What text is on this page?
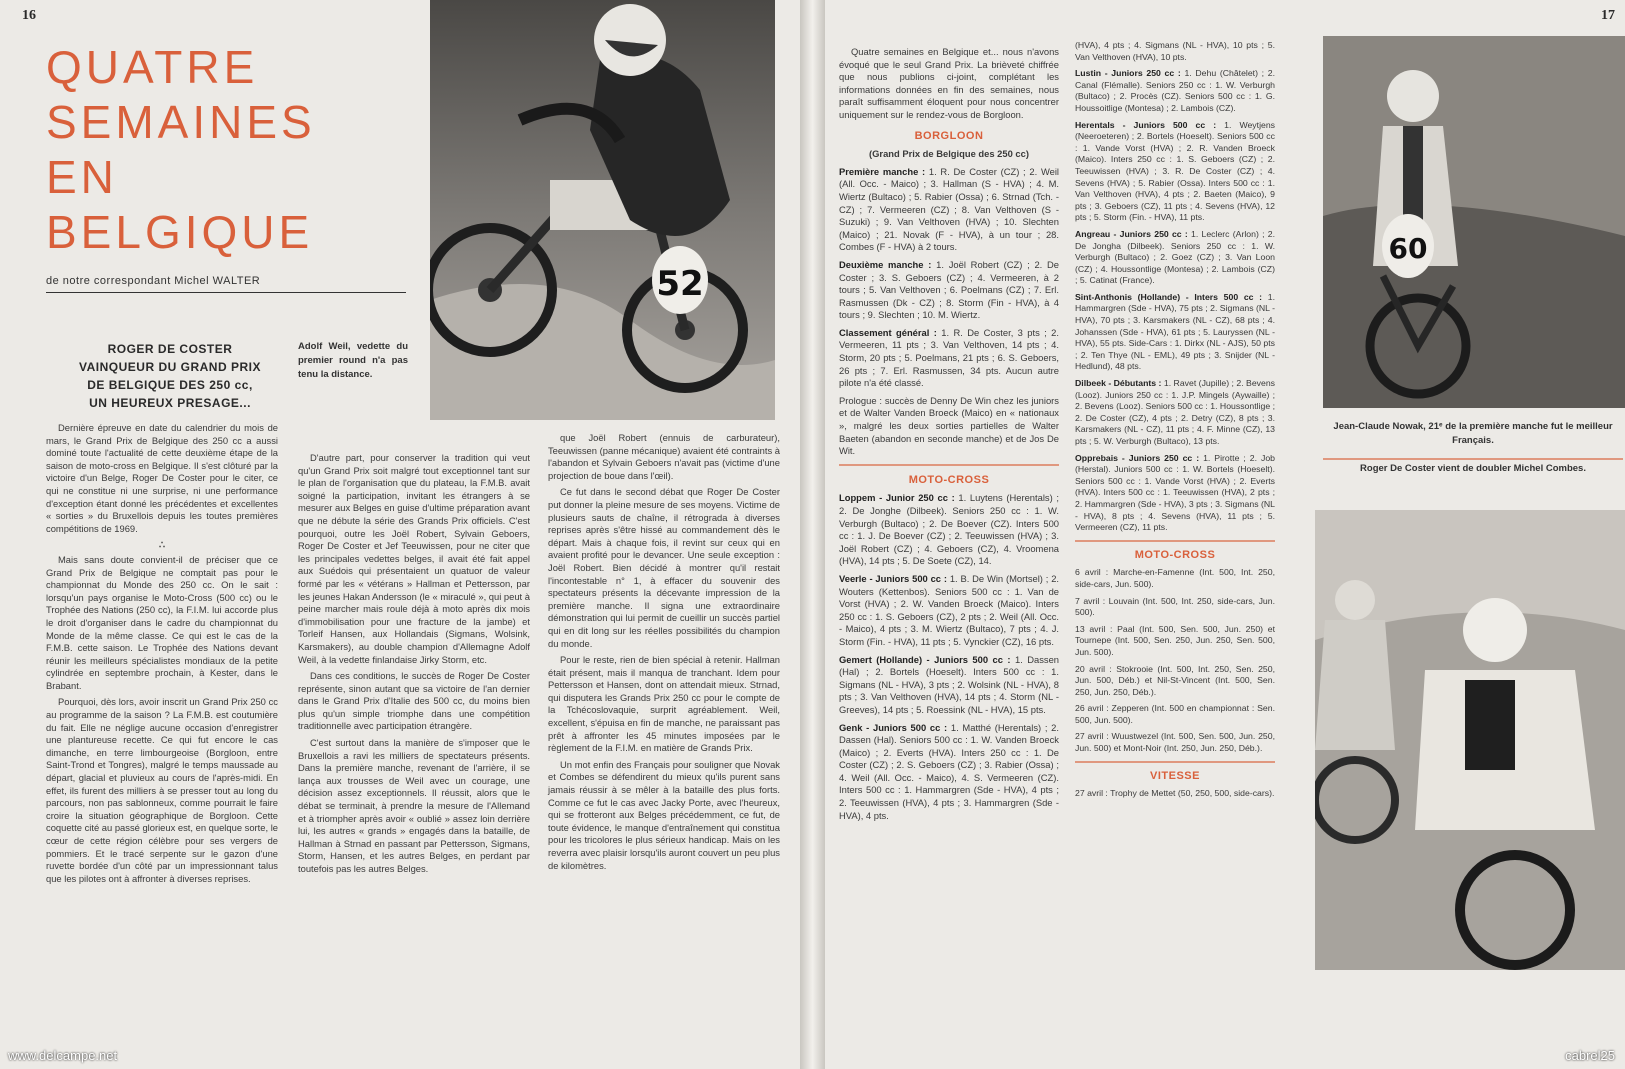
16
QUATRE
SEMAINES
EN
BELGIQUE
de notre correspondant Michel WALTER	52
ROGER DE COSTER
VAINQUEUR DU GRAND PRIX
DE BELGIQUE DES 250 cc,
UN HEUREUX PRESAGE...
Adolf Weil, vedette du premier round n'a pas tenu la distance.

Dernière épreuve en date du calendrier du mois de mars, le Grand Prix de Belgique des 250 cc a aussi dominé toute l'actualité de cette deuxième étape de la saison de moto-cross en Belgique. Il s'est clôturé par la victoire d'un Belge, Roger De Coster pour le citer, ce qui ne constitue ni une surprise, ni une performance d'exception étant donné les précédentes et excellentes « sorties » du Bruxellois depuis les toutes premières compétitions de 1969.

∴

Mais sans doute convient-il de préciser que ce Grand Prix de Belgique ne comptait pas pour le championnat du Monde des 250 cc. On le sait : lorsqu'un pays organise le Moto-Cross (500 cc) ou le Trophée des Nations (250 cc), la F.I.M. lui accorde plus le droit d'organiser dans le cadre du championnat du Monde de la même classe. Ce qui est le cas de la F.M.B. cette saison. Le Trophée des Nations devant réunir les meilleurs spécialistes mondiaux de la petite cylindrée en septembre prochain, à Kester, dans le Brabant.

Pourquoi, dès lors, avoir inscrit un Grand Prix 250 cc au programme de la saison ? La F.M.B. est coutumière du fait. Elle ne néglige aucune occasion d'enregistrer une plantureuse recette. Ce qui fut encore le cas dimanche, en terre limbourgeoise (Borgloon, entre Saint-Trond et Tongres), malgré le temps maussade au départ, glacial et pluvieux au cours de l'après-midi. En effet, ils furent des milliers à se presser tout au long du parcours, non pas sablonneux, comme pourrait le faire croire la situation géographique de Borgloon. Cette coquette cité au passé glorieux est, en quelque sorte, le cœur de cette région célèbre pour ses vergers de pommiers. Et le tracé serpente sur le gazon d'une ruvette bordée d'un côté par un impressionnant talus que les pilotes ont à affronter à diverses reprises.

D'autre part, pour conserver la tradition qui veut qu'un Grand Prix soit malgré tout exceptionnel tant sur le plan de l'organisation que du plateau, la F.M.B. avait soigné la participation, invitant les étrangers à se mesurer aux Belges en guise d'ultime préparation avant que ne débute la série des Grands Prix officiels. C'est pourquoi, outre les Joël Robert, Sylvain Geboers, Roger De Coster et Jef Teeuwissen, pour ne citer que les principales vedettes belges, il avait été fait appel aux Suédois qui présentaient un quatuor de valeur formé par les « vétérans » Hallman et Pettersson, par les jeunes Hakan Andersson (le « miraculé », qui peut à peine marcher mais roule déjà à moto après dix mois d'immobilisation pour une fracture de la jambe) et Torleif Hansen, aux Hollandais (Sigmans, Wolsink, Karsmakers), au double champion d'Allemagne Adolf Weil, à la vedette finlandaise Jirky Storm, etc.

Dans ces conditions, le succès de Roger De Coster représente, sinon autant que sa victoire de l'an dernier dans le Grand Prix d'Italie des 500 cc, du moins bien plus qu'un simple triomphe dans une compétition traditionnelle avec participation étrangère.

C'est surtout dans la manière de s'imposer que le Bruxellois a ravi les milliers de spectateurs présents. Dans la première manche, revenant de l'arrière, il se lança aux trousses de Weil avec un courage, une décision assez exceptionnels. Il réussit, alors que le débat se terminait, à prendre la mesure de l'Allemand et à triompher après avoir « oublié » assez loin derrière lui, les autres « grands » engagés dans la bataille, de Hallman à Strnad en passant par Pettersson, Sigmans, Storm, Hansen, et les autres Belges, en perdant par toutefois pas les autres Belges.

que Joël Robert (ennuis de carburateur), Teeuwissen (panne mécanique) avaient été contraints à l'abandon et Sylvain Geboers n'avait pas (victime d'une projection de boue dans l'œil).

Ce fut dans le second débat que Roger De Coster put donner la pleine mesure de ses moyens. Victime de plusieurs sauts de chaîne, il rétrograda à diverses reprises après s'être hissé au commandement dès le départ. Mais à chaque fois, il revint sur ceux qui en avaient profité pour le devancer. Une seule exception : Joël Robert. Bien décidé à montrer qu'il restait l'incontestable n° 1, à effacer du souvenir des spectateurs présents la décevante impression de la première manche. Il signa une extraordinaire démonstration qui lui permit de cueillir un succès partiel qui en dit long sur les réelles possibilités du champion du monde.

Pour le reste, rien de bien spécial à retenir. Hallman était présent, mais il manqua de tranchant. Idem pour Pettersson et Hansen, dont on attendait mieux. Strnad, qui disputera les Grands Prix 250 cc pour le compte de la Tchécoslovaquie, surprit agréablement. Weil, excellent, s'épuisa en fin de manche, ne paraissant pas prêt à affronter les 45 minutes imposées par le règlement de la F.I.M. en matière de Grands Prix.

Un mot enfin des Français pour souligner que Novak et Combes se défendirent du mieux qu'ils purent sans jamais réussir à se mêler à la bataille des plus forts. Comme ce fut le cas avec Jacky Porte, avec l'heureux, qui se frotteront aux Belges précédemment, ce fut, de toute évidence, le manque d'entraînement qui constitua pour les tricolores le plus sérieux handicap. Mais on les reverra avec plaisir lorsqu'ils auront couvert un peu plus de kilomètres.

www.delcampe.net
17

Quatre semaines en Belgique et... nous n'avons évoqué que le seul Grand Prix. La brièveté chiffrée que nous publions ci-joint, complétant les informations données en fin des semaines, nous paraît suffisamment éloquent pour nous concentrer uniquement sur le rendez-vous de Borgloon.

BORGLOON

(Grand Prix de Belgique des 250 cc)

Première manche : 1. R. De Coster (CZ) ; 2. Weil (All. Occ. - Maico) ; 3. Hallman (S - HVA) ; 4. M. Wiertz (Bultaco) ; 5. Rabier (Ossa) ; 6. Strnad (Tch. - CZ) ; 7. Vermeeren (CZ) ; 8. Van Velthoven (S - Suzuki) ; 9. Van Velthoven (HVA) ; 10. Slechten (Maico) ; 21. Novak (F - HVA), à un tour ; 28. Combes (F - HVA) à 2 tours.

Deuxième manche : 1. Joël Robert (CZ) ; 2. De Coster ; 3. S. Geboers (CZ) ; 4. Vermeeren, à 2 tours ; 5. Van Velthoven ; 6. Poelmans (CZ) ; 7. Erl. Rasmussen (Dk - CZ) ; 8. Storm (Fin - HVA), à 4 tours ; 9. Slechten ; 10. M. Wiertz.

Classement général : 1. R. De Coster, 3 pts ; 2. Vermeeren, 11 pts ; 3. Van Velthoven, 14 pts ; 4. Storm, 20 pts ; 5. Poelmans, 21 pts ; 6. S. Geboers, 26 pts ; 7. Erl. Rasmussen, 34 pts. Aucun autre pilote n'a été classé.

Prologue : succès de Denny De Win chez les juniors et de Walter Vanden Broeck (Maico) en « nationaux », malgré les deux sorties partielles de Walter Baeten (abandon en seconde manche) et de Jos De Wit.

MOTO-CROSS

Loppem - Junior 250 cc : 1. Luytens (Herentals) ; 2. De Jonghe (Dilbeek). Seniors 250 cc : 1. W. Verburgh (Bultaco) ; 2. De Boever (CZ). Inters 500 cc : 1. J. De Boever (CZ) ; 2. Teeuwissen (HVA) ; 3. Joël Robert (CZ) ; 4. Geboers (CZ), 4. Vroomena (HVA), 14 pts ; 5. De Soete (CZ), 14.

Veerle - Juniors 500 cc : 1. B. De Win (Mortsel) ; 2. Wouters (Kettenbos). Seniors 500 cc : 1. Van de Vorst (HVA) ; 2. W. Vanden Broeck (Maico). Inters 250 cc : 1. S. Geboers (CZ), 2 pts ; 2. Weil (All. Occ. - Maico), 4 pts ; 3. M. Wiertz (Bultaco), 7 pts ; 4. J. Storm (Fin. - HVA), 11 pts ; 5. Vynckier (CZ), 16 pts.

Gemert (Hollande) - Juniors 500 cc : 1. Dassen (Hal) ; 2. Bortels (Hoeselt). Inters 500 cc : 1. Sigmans (NL - HVA), 3 pts ; 2. Wolsink (NL - HVA), 8 pts ; 3. Van Velthoven (HVA), 14 pts ; 4. Storm (NL - Greeves), 14 pts ; 5. Roessink (NL - HVA), 15 pts.

Genk - Juniors 500 cc : 1. Matthé (Herentals) ; 2. Dassen (Hal). Seniors 500 cc : 1. W. Vanden Broeck (Maico) ; 2. Everts (HVA). Inters 250 cc : 1. De Coster (CZ) ; 2. S. Geboers (CZ) ; 3. Rabier (Ossa) ; 4. Weil (All. Occ. - Maico), 4. S. Vermeeren (CZ). Inters 500 cc : 1. Hammargren (Sde - HVA), 4 pts ; 2. Teeuwissen (HVA), 4 pts ; 3. Hammargren (Sde - HVA), 4 pts.

(HVA), 4 pts ; 4. Sigmans (NL - HVA), 10 pts ; 5. Van Velthoven (HVA), 10 pts.

Lustin - Juniors 250 cc : 1. Dehu (Châtelet) ; 2. Canal (Flémalle). Seniors 250 cc : 1. W. Verburgh (Bultaco) ; 2. Procès (CZ). Seniors 500 cc : 1. G. Houssoitlige (Montesa) ; 2. Lambois (CZ).

Herentals - Juniors 500 cc : 1. Weytjens (Neeroeteren) ; 2. Bortels (Hoeselt). Seniors 500 cc : 1. Vande Vorst (HVA) ; 2. R. Vanden Broeck (Maico). Inters 250 cc : 1. S. Geboers (CZ) ; 2. Teeuwissen (HVA) ; 3. R. De Coster (CZ) ; 4. Sevens (HVA) ; 5. Rabier (Ossa). Inters 500 cc : 1. Van Velthoven (HVA), 4 pts ; 2. Baeten (Maico), 9 pts ; 3. Geboers (CZ), 11 pts ; 4. Sevens (HVA), 12 pts ; 5. Storm (Fin. - HVA), 11 pts.

Angreau - Juniors 250 cc : 1. Leclerc (Arlon) ; 2. De Jongha (Dilbeek). Seniors 250 cc : 1. W. Verburgh (Bultaco) ; 2. Goez (CZ) ; 3. Van Loon (CZ) ; 4. Houssontlige (Montesa) ; 2. Lambois (CZ) ; 5. Catinat (France).

Sint-Anthonis (Hollande) - Inters 500 cc : 1. Hammargren (Sde - HVA), 75 pts ; 2. Sigmans (NL - HVA), 70 pts ; 3. Karsmakers (NL - CZ), 68 pts ; 4. Johanssen (Sde - HVA), 61 pts ; 5. Lauryssen (NL - HVA), 55 pts. Side-Cars : 1. Dirkx (NL - AJS), 50 pts ; 2. Ten Thye (NL - EML), 49 pts ; 3. Snijder (NL - Hedlund), 48 pts.

Dilbeek - Débutants : 1. Ravet (Jupille) ; 2. Bevens (Looz). Juniors 250 cc : 1. J.P. Mingels (Aywaille) ; 2. Bevens (Looz). Seniors 500 cc : 1. Houssontlige ; 2. De Coster (CZ), 4 pts ; 2. Detry (CZ), 8 pts ; 3. Karsmakers (NL - CZ), 11 pts ; 4. F. Minne (CZ), 13 pts ; 5. W. Verburgh (Bultaco), 13 pts.

Opprebais - Juniors 250 cc : 1. Pirotte ; 2. Job (Herstal). Juniors 500 cc : 1. W. Bortels (Hoeselt). Seniors 500 cc : 1. Vande Vorst (HVA) ; 2. Everts (HVA). Inters 500 cc : 1. Teeuwissen (HVA), 2 pts ; 2. Hammargren (Sde - HVA), 3 pts ; 3. Sigmans (NL - HVA), 8 pts ; 4. Sevens (HVA), 11 pts ; 5. Vermeeren (CZ), 11 pts.

MOTO-CROSS

6 avril : Marche-en-Famenne (Int. 500, Int. 250, side-cars, Jun. 500).

7 avril : Louvain (Int. 500, Int. 250, side-cars, Jun. 500).

13 avril : Paal (Int. 500, Sen. 500, Jun. 250) et Tournepe (Int. 500, Sen. 250, Jun. 250, Sen. 500, Jun. 500).

20 avril : Stokrooie (Int. 500, Int. 250, Sen. 250, Jun. 500, Déb.) et Nil-St-Vincent (Int. 500, Sen. 250, Jun. 250, Déb.).

26 avril : Zepperen (Int. 500 en championnat : Sen. 500, Jun. 500).

27 avril : Wuustwezel (Int. 500, Sen. 500, Jun. 250, Jun. 500) et Mont-Noir (Int. 250, Jun. 250, Déb.).

VITESSE

27 avril : Trophy de Mettet (50, 250, 500, side-cars).

60
Jean-Claude Nowak, 21ᵉ de la première manche fut le meilleur Français.
Roger De Coster vient de doubler Michel Combes.
cabrel25
